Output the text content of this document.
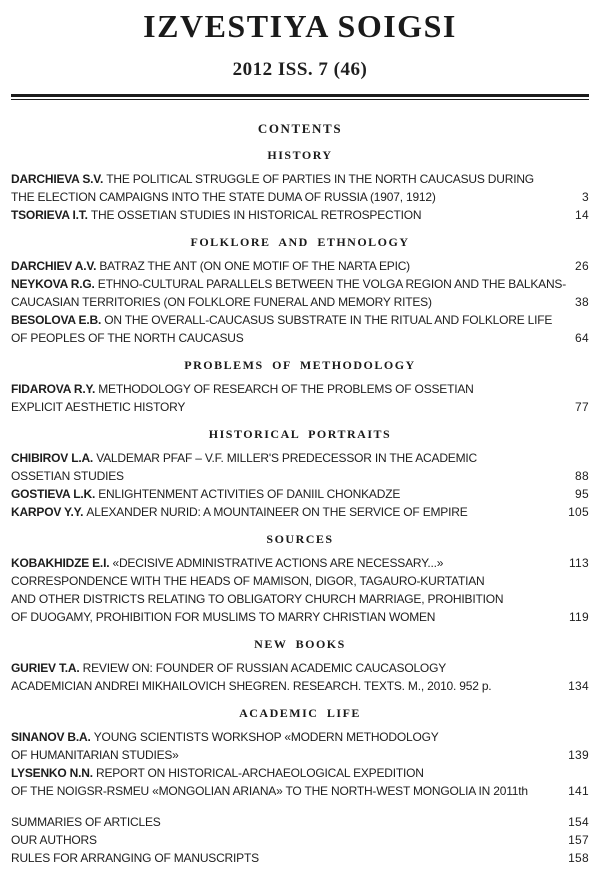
IZVESTIYA SOIGSI
2012 ISS. 7 (46)
CONTENTS
HISTORY
DARCHIEVA S.V. THE POLITICAL STRUGGLE OF PARTIES IN THE NORTH CAUCASUS DURING
THE ELECTION CAMPAIGNS INTO THE STATE DUMA OF RUSSIA (1907, 1912)	3
TSORIEVA I.T. THE OSSETIAN STUDIES IN HISTORICAL RETROSPECTION	14
FOLKLORE AND ETHNOLOGY
DARCHIEV A.V. BATRAZ THE ANT (ON ONE MOTIF OF THE NARTA EPIC)	26
NEYKOVA R.G. ETHNO-CULTURAL PARALLELS BETWEEN THE VOLGA REGION AND THE BALKANS-
CAUCASIAN TERRITORIES (ON FOLKLORE FUNERAL AND MEMORY RITES)	38
BESOLOVA E.B. ON THE OVERALL-CAUCASUS SUBSTRATE IN THE RITUAL AND FOLKLORE LIFE
OF PEOPLES OF THE NORTH CAUCASUS	64
PROBLEMS OF METHODOLOGY
FIDAROVA R.Y. METHODOLOGY OF RESEARCH OF THE PROBLEMS OF OSSETIAN
EXPLICIT AESTHETIC HISTORY	77
HISTORICAL PORTRAITS
CHIBIROV L.A. VALDEMAR PFAF – V.F. MILLER'S PREDECESSOR IN THE ACADEMIC
OSSETIAN STUDIES	88
GOSTIEVA L.K. ENLIGHTENMENT ACTIVITIES OF DANIIL CHONKADZE	95
KARPOV Y.Y. ALEXANDER NURID: A MOUNTAINEER ON THE SERVICE OF EMPIRE	105
SOURCES
KOBAKHIDZE E.I. «DECISIVE ADMINISTRATIVE ACTIONS ARE NECESSARY...»	113
CORRESPONDENCE WITH THE HEADS OF MAMISON, DIGOR, TAGAURO-KURTATIAN
AND OTHER DISTRICTS RELATING TO OBLIGATORY CHURCH MARRIAGE, PROHIBITION
OF DUOGAMY, PROHIBITION FOR MUSLIMS TO MARRY CHRISTIAN WOMEN	119
NEW BOOKS
GURIEV T.A. REVIEW ON: FOUNDER OF RUSSIAN ACADEMIC CAUCASOLOGY
ACADEMICIAN ANDREI MIKHAILOVICH SHEGREN. RESEARCH. TEXTS. M., 2010. 952 p.	134
ACADEMIC LIFE
SINANOV B.A. YOUNG SCIENTISTS WORKSHOP «MODERN METHODOLOGY
OF HUMANITARIAN STUDIES»	139
LYSENKO N.N. REPORT ON HISTORICAL-ARCHAEOLOGICAL EXPEDITION
OF THE NOIGSR-RSMEU «MONGOLIAN ARIANA» TO THE NORTH-WEST MONGOLIA IN 2011th	141
SUMMARIES OF ARTICLES	154
OUR AUTHORS	157
RULES FOR ARRANGING OF MANUSCRIPTS	158
